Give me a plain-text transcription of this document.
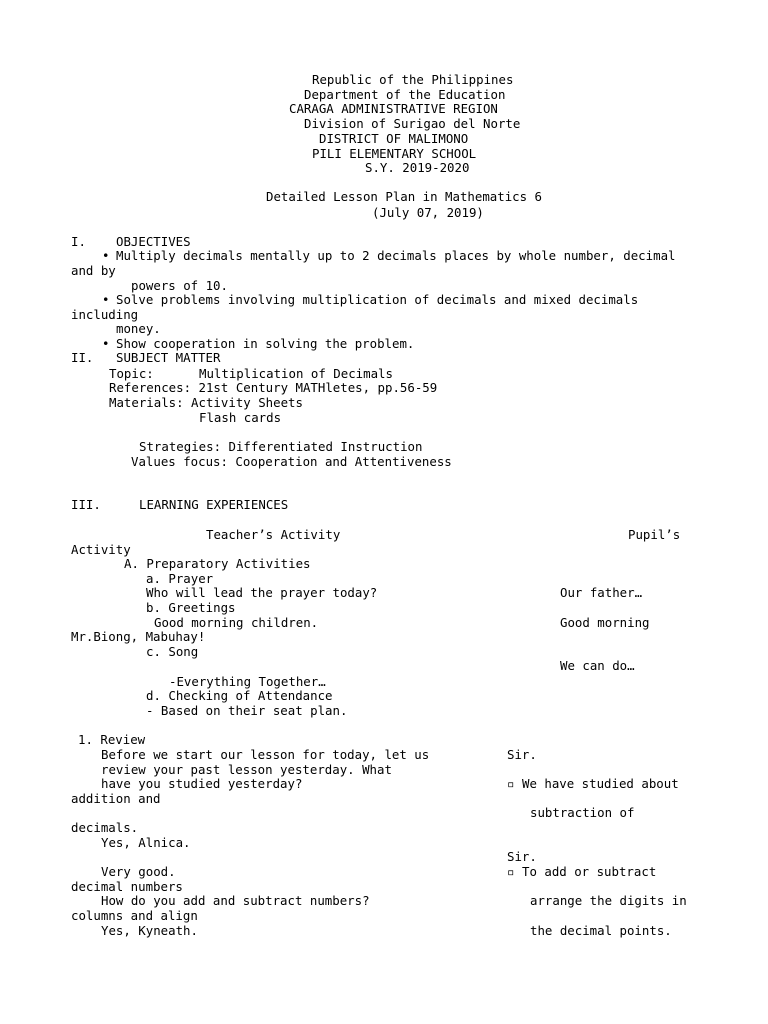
Republic of the Philippines
Department of the Education
CARAGA ADMINISTRATIVE REGION
Division of Surigao del Norte
DISTRICT OF MALIMONO
PILI ELEMENTARY SCHOOL
S.Y. 2019-2020
Detailed Lesson Plan in Mathematics 6
(July 07, 2019)
I. OBJECTIVES
• Multiply decimals mentally up to 2 decimals places by whole number, decimal
and by
powers of 10.
• Solve problems involving multiplication of decimals and mixed decimals
including
money.
• Show cooperation in solving the problem.
II. SUBJECT MATTER
Topic:	Multiplication of Decimals
References: 21st Century MATHletes, pp.56-59
Materials: Activity Sheets
Flash cards
Strategies: Differentiated Instruction
Values focus: Cooperation and Attentiveness
III.	LEARNING EXPERIENCES
Teacher’s Activity	Pupil’s
Activity
A. Preparatory Activities
a. Prayer
Who will lead the prayer today?	Our father…
b. Greetings
Good morning children.	Good morning
Mr.Biong, Mabuhay!
c. Song
We can do…
-Everything Together…
d. Checking of Attendance
- Based on their seat plan.
1. Review
Before we start our lesson for today, let us	Sir.
review your past lesson yesterday. What
have you studied yesterday?	▫ We have studied about
addition and
subtraction of
decimals.
Yes, Alnica.
Sir.
Very good.	▫ To add or subtract
decimal numbers
How do you add and subtract numbers?	arrange the digits in
columns and align
Yes, Kyneath.	the decimal points.
